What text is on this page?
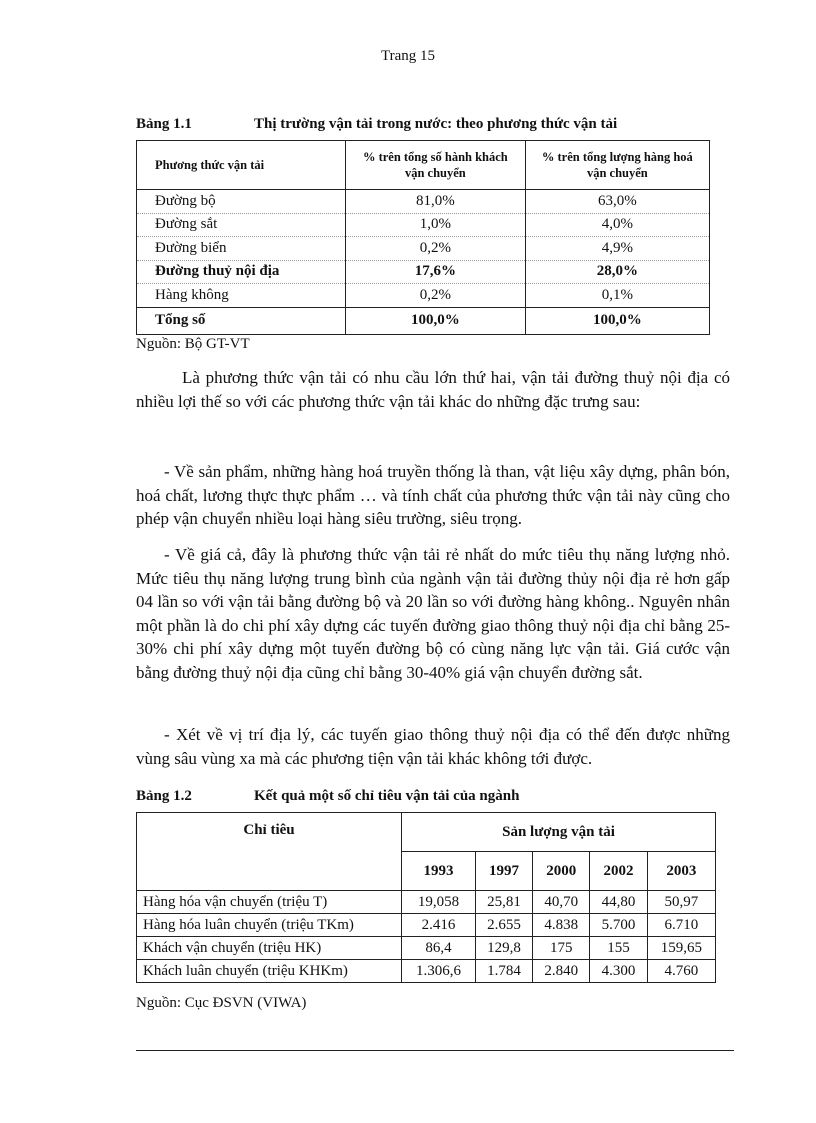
Trang 15
Bảng 1.1	Thị trường vận tải trong nước: theo phương thức vận tải
Phương thức vận tải	% trên tổng số hành khách vận chuyển	% trên tổng lượng hàng hoá vận chuyển
Đường bộ	81,0%	63,0%
Đường sắt	1,0%	4,0%
Đường biển	0,2%	4,9%
Đường thuỷ nội địa	17,6%	28,0%
Hàng không	0,2%	0,1%
Tổng số	100,0%	100,0%
Nguồn: Bộ GT-VT

Là phương thức vận tải có nhu cầu lớn thứ hai, vận tải đường thuỷ nội địa có nhiều lợi thế so với các phương thức vận tải khác do những đặc trưng sau:

- Về sản phẩm, những hàng hoá truyền thống là than, vật liệu xây dựng, phân bón, hoá chất, lương thực thực phẩm … và tính chất của phương thức vận tải này cũng cho phép vận chuyển nhiều loại hàng siêu trường, siêu trọng.

- Về giá cả, đây là phương thức vận tải rẻ nhất do mức tiêu thụ năng lượng nhỏ. Mức tiêu thụ năng lượng trung bình của ngành vận tải đường thủy nội địa rẻ hơn gấp 04 lần so với vận tải bằng đường bộ và 20 lần so với đường hàng không.. Nguyên nhân một phần là do chi phí xây dựng các tuyến đường giao thông thuỷ nội địa chỉ bằng 25-30% chi phí xây dựng một tuyến đường bộ có cùng năng lực vận tải. Giá cước vận bằng đường thuỷ nội địa cũng chỉ bằng 30-40% giá vận chuyển đường sắt.

- Xét về vị trí địa lý, các tuyến giao thông thuỷ nội địa có thể đến được những vùng sâu vùng xa mà các phương tiện vận tải khác không tới được.

Bảng 1.2	Kết quả một số chỉ tiêu vận tải của ngành
Chỉ tiêu	Sản lượng vận tải				
	1993	1997	2000	2002	2003
Hàng hóa vận chuyển (triệu T)	19,058	25,81	40,70	44,80	50,97
Hàng hóa luân chuyển (triệu TKm)	2.416	2.655	4.838	5.700	6.710
Khách vận chuyển (triệu HK)	86,4	129,8	175	155	159,65
Khách luân chuyển (triệu KHKm)	1.306,6	1.784	2.840	4.300	4.760
Nguồn: Cục ĐSVN (VIWA)
